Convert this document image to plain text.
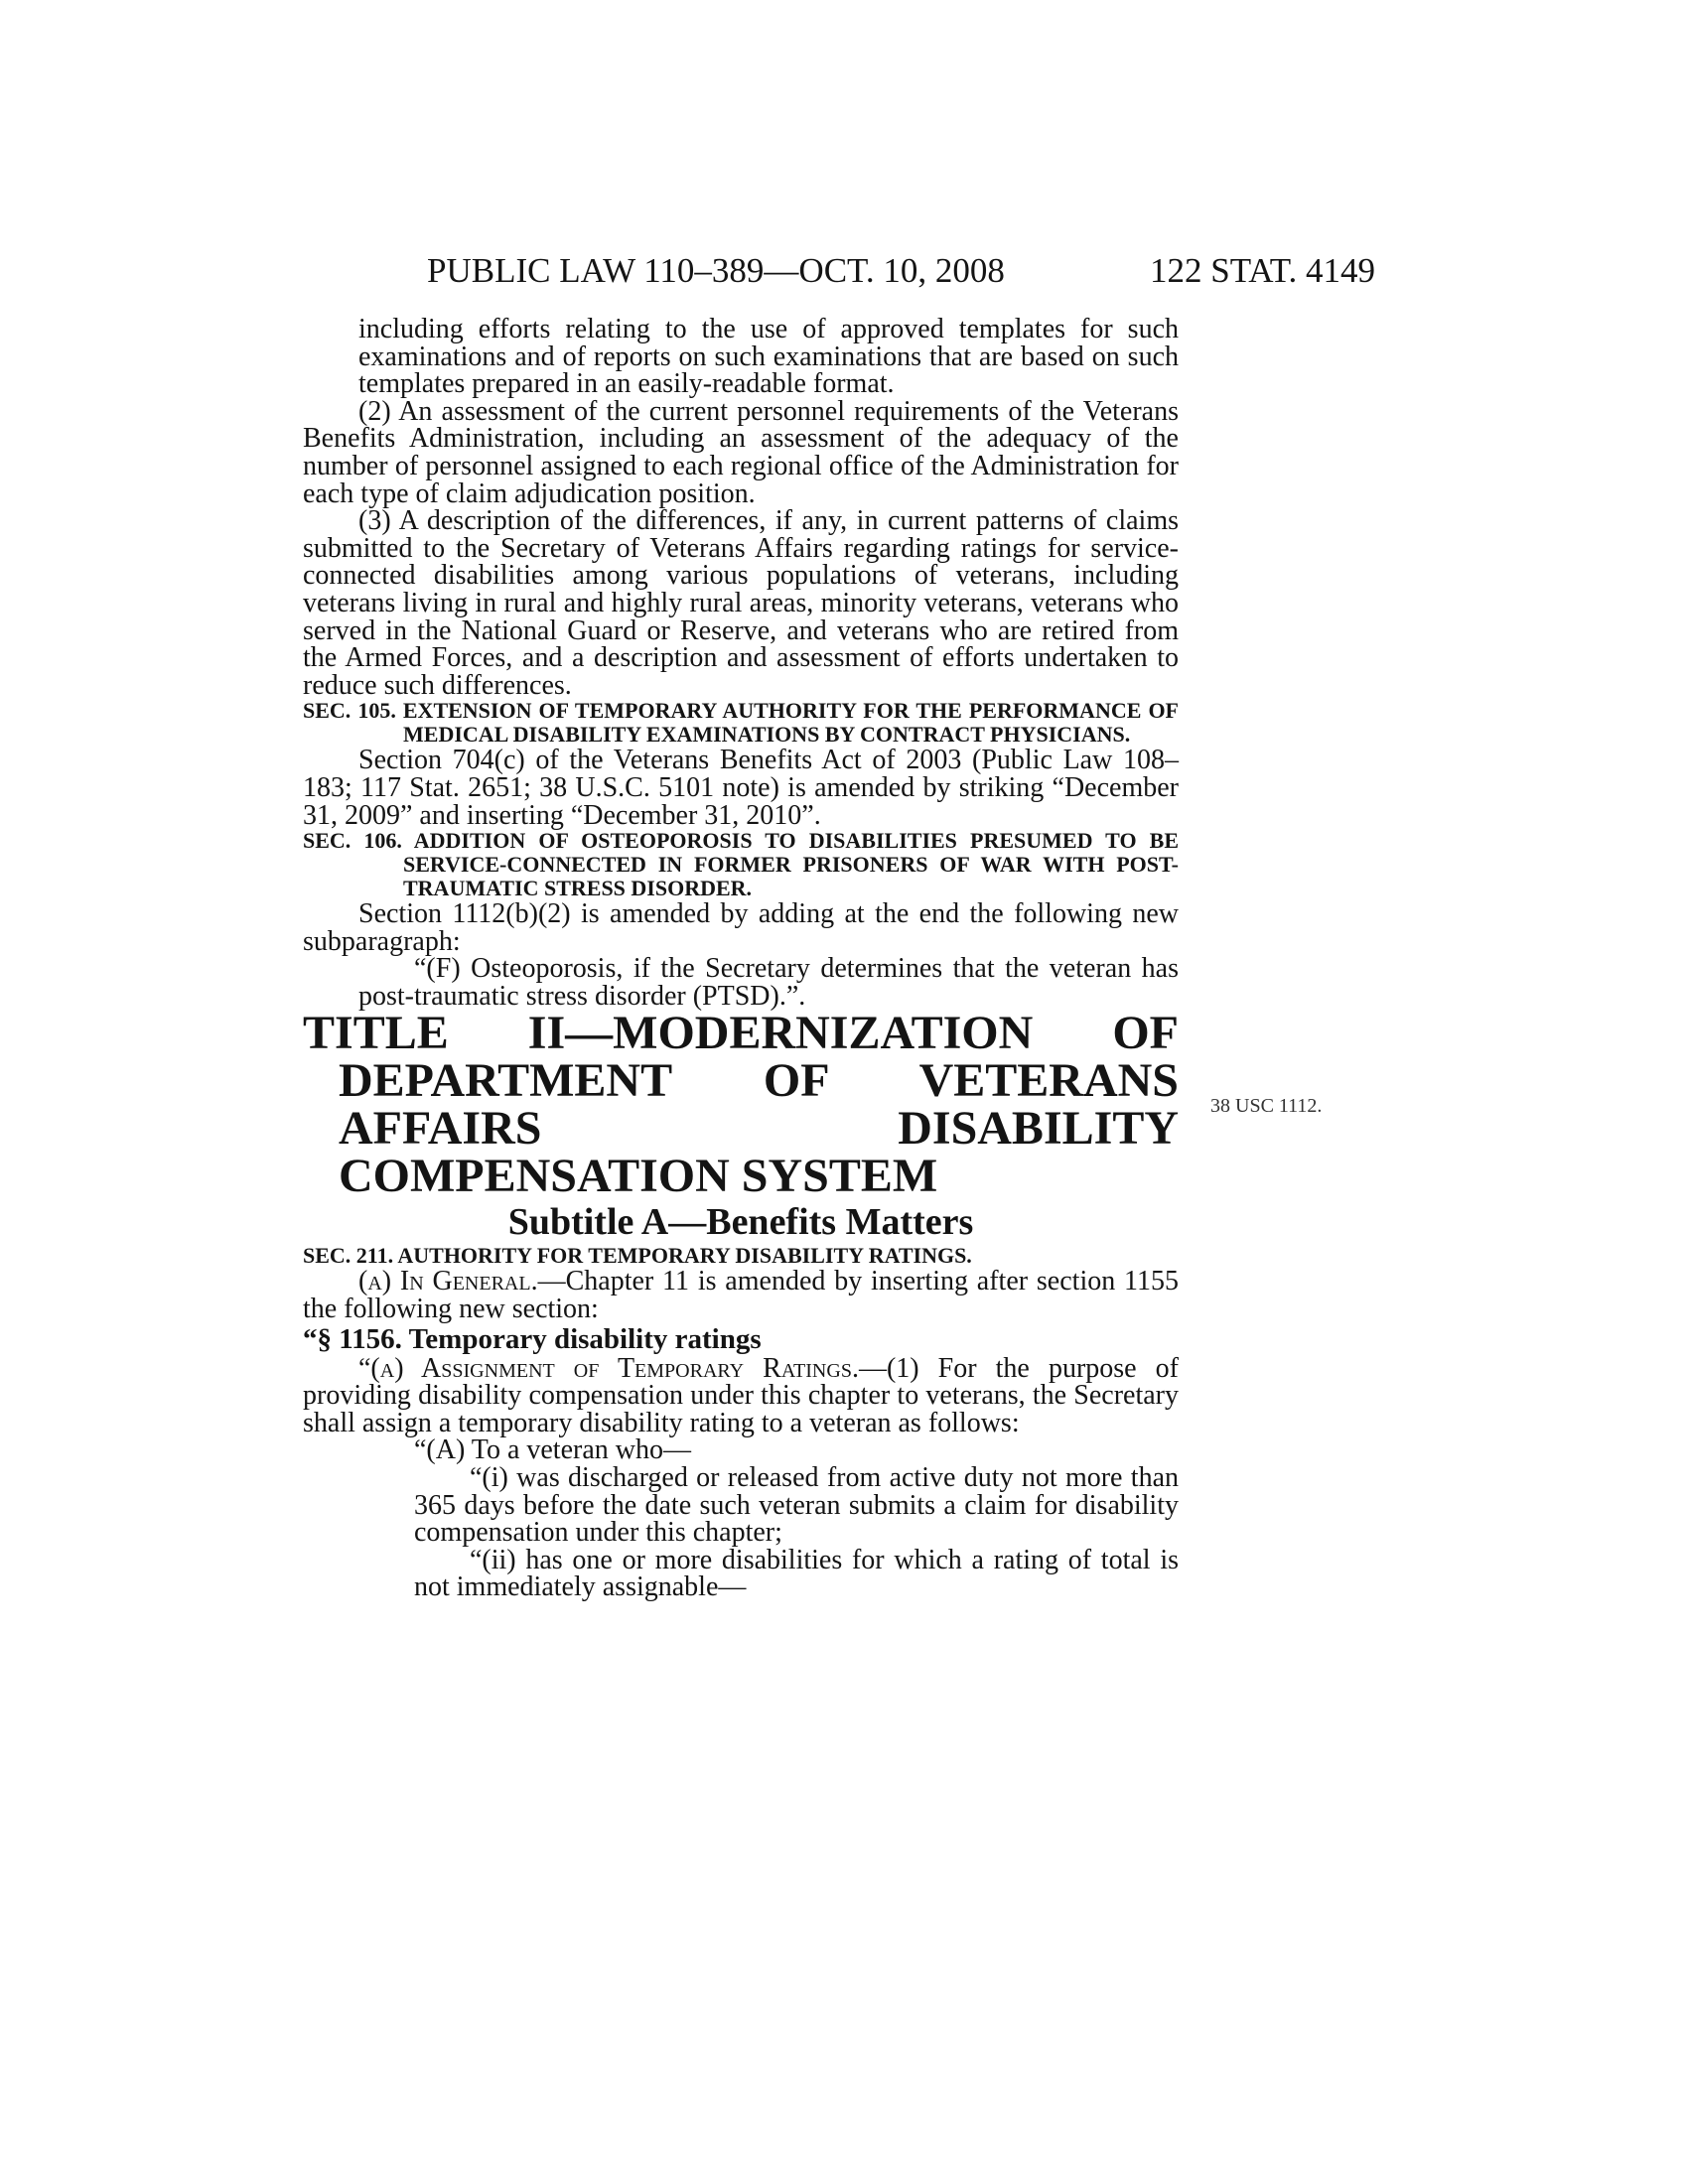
PUBLIC LAW 110–389—OCT. 10, 2008	122 STAT. 4149

including efforts relating to the use of approved templates for such examinations and of reports on such examinations that are based on such templates prepared in an easily-readable format.

(2) An assessment of the current personnel requirements of the Veterans Benefits Administration, including an assessment of the adequacy of the number of personnel assigned to each regional office of the Administration for each type of claim adjudication position.

(3) A description of the differences, if any, in current patterns of claims submitted to the Secretary of Veterans Affairs regarding ratings for service-connected disabilities among various populations of veterans, including veterans living in rural and highly rural areas, minority veterans, veterans who served in the National Guard or Reserve, and veterans who are retired from the Armed Forces, and a description and assessment of efforts undertaken to reduce such differences.

SEC. 105. EXTENSION OF TEMPORARY AUTHORITY FOR THE PERFORMANCE OF MEDICAL DISABILITY EXAMINATIONS BY CONTRACT PHYSICIANS.

Section 704(c) of the Veterans Benefits Act of 2003 (Public Law 108–183; 117 Stat. 2651; 38 U.S.C. 5101 note) is amended by striking “December 31, 2009” and inserting “December 31, 2010”.

SEC. 106. ADDITION OF OSTEOPOROSIS TO DISABILITIES PRESUMED TO BE SERVICE-CONNECTED IN FORMER PRISONERS OF WAR WITH POST-TRAUMATIC STRESS DISORDER.

Section 1112(b)(2) is amended by adding at the end the following new subparagraph:

“(F) Osteoporosis, if the Secretary determines that the veteran has post-traumatic stress disorder (PTSD).”.

TITLE II—MODERNIZATION OF DEPARTMENT OF VETERANS AFFAIRS DISABILITY COMPENSATION SYSTEM

Subtitle A—Benefits Matters

SEC. 211. AUTHORITY FOR TEMPORARY DISABILITY RATINGS.

(a) In General.—Chapter 11 is amended by inserting after section 1155 the following new section:

“§ 1156. Temporary disability ratings

“(a) Assignment of Temporary Ratings.—(1) For the purpose of providing disability compensation under this chapter to veterans, the Secretary shall assign a temporary disability rating to a veteran as follows:

“(A) To a veteran who—

“(i) was discharged or released from active duty not more than 365 days before the date such veteran submits a claim for disability compensation under this chapter;

“(ii) has one or more disabilities for which a rating of total is not immediately assignable—

38 USC 1112.
